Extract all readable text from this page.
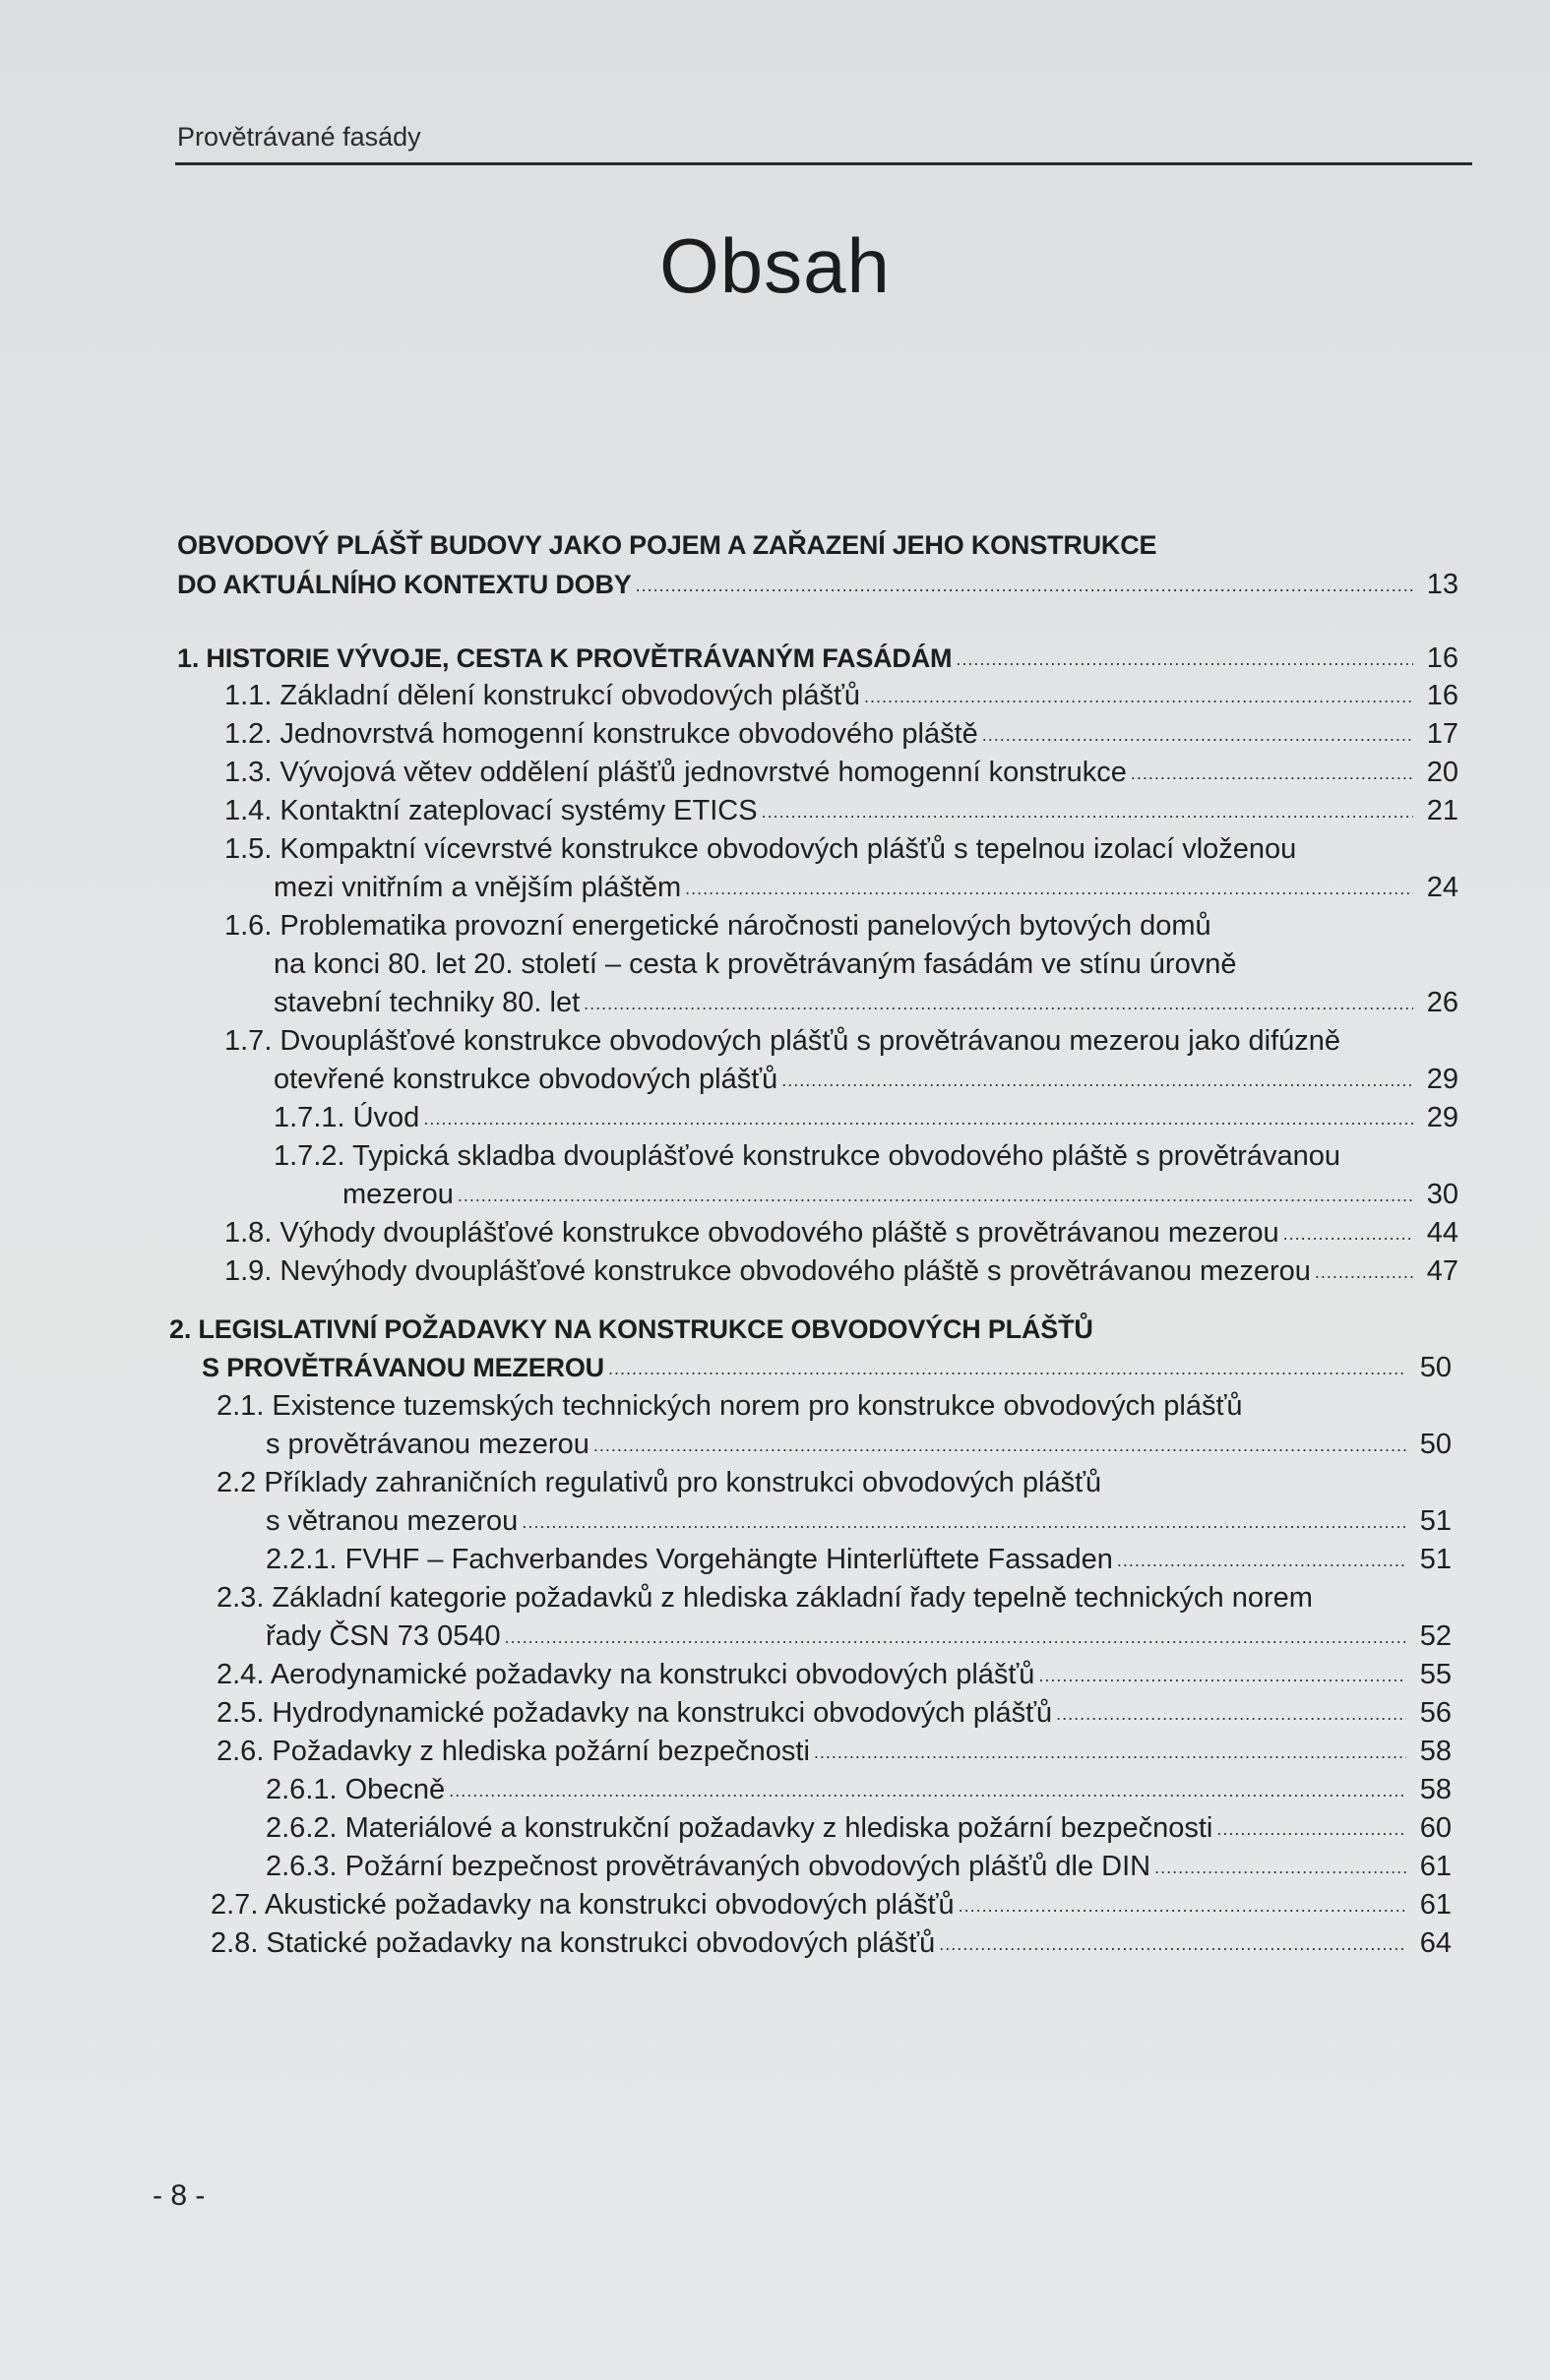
Provětrávané fasády
Obsah
OBVODOVÝ PLÁŠŤ BUDOVY JAKO POJEM A ZAŘAZENÍ JEHO KONSTRUKCE
DO AKTUÁLNÍHO KONTEXTU DOBY .....	13
1. HISTORIE VÝVOJE, CESTA K PROVĚTRÁVANÝM FASÁDÁM .....	16
1.1. Základní dělení konstrukcí obvodových plášťů .....	16
1.2. Jednovrstvá homogenní konstrukce obvodového pláště .....	17
1.3. Vývojová větev oddělení plášťů jednovrstvé homogenní konstrukce .....	20
1.4. Kontaktní zateplovací systémy ETICS .....	21
1.5. Kompaktní vícevrstvé konstrukce obvodových plášťů s tepelnou izolací vloženou
mezi vnitřním a vnějším pláštěm .....	24
1.6. Problematika provozní energetické náročnosti panelových bytových domů
na konci 80. let 20. století – cesta k provětrávaným fasádám ve stínu úrovně
stavební techniky 80. let .....	26
1.7. Dvouplášťové konstrukce obvodových plášťů s provětrávanou mezerou jako difúzně
otevřené konstrukce obvodových plášťů .....	29
1.7.1. Úvod .....	29
1.7.2. Typická skladba dvouplášťové konstrukce obvodového pláště s provětrávanou
mezerou .....	30
1.8. Výhody dvouplášťové konstrukce obvodového pláště s provětrávanou mezerou .....	44
1.9. Nevýhody dvouplášťové konstrukce obvodového pláště s provětrávanou mezerou .....	47
2. LEGISLATIVNÍ POŽADAVKY NA KONSTRUKCE OBVODOVÝCH PLÁŠŤŮ
S PROVĚTRÁVANOU MEZEROU .....	50
2.1. Existence tuzemských technických norem pro konstrukce obvodových plášťů
s provětrávanou mezerou .....	50
2.2 Příklady zahraničních regulativů pro konstrukci obvodových plášťů
s větranou mezerou .....	51
2.2.1. FVHF – Fachverbandes Vorgehängte Hinterlüftete Fassaden .....	51
2.3. Základní kategorie požadavků z hlediska základní řady tepelně technických norem
řady ČSN 73 0540 .....	52
2.4. Aerodynamické požadavky na konstrukci obvodových plášťů .....	55
2.5. Hydrodynamické požadavky na konstrukci obvodových plášťů .....	56
2.6. Požadavky z hlediska požární bezpečnosti .....	58
2.6.1. Obecně .....	58
2.6.2. Materiálové a konstrukční požadavky z hlediska požární bezpečnosti .....	60
2.6.3. Požární bezpečnost provětrávaných obvodových plášťů dle DIN .....	61
2.7. Akustické požadavky na konstrukci obvodových plášťů .....	61
2.8. Statické požadavky na konstrukci obvodových plášťů .....	64
- 8 -
